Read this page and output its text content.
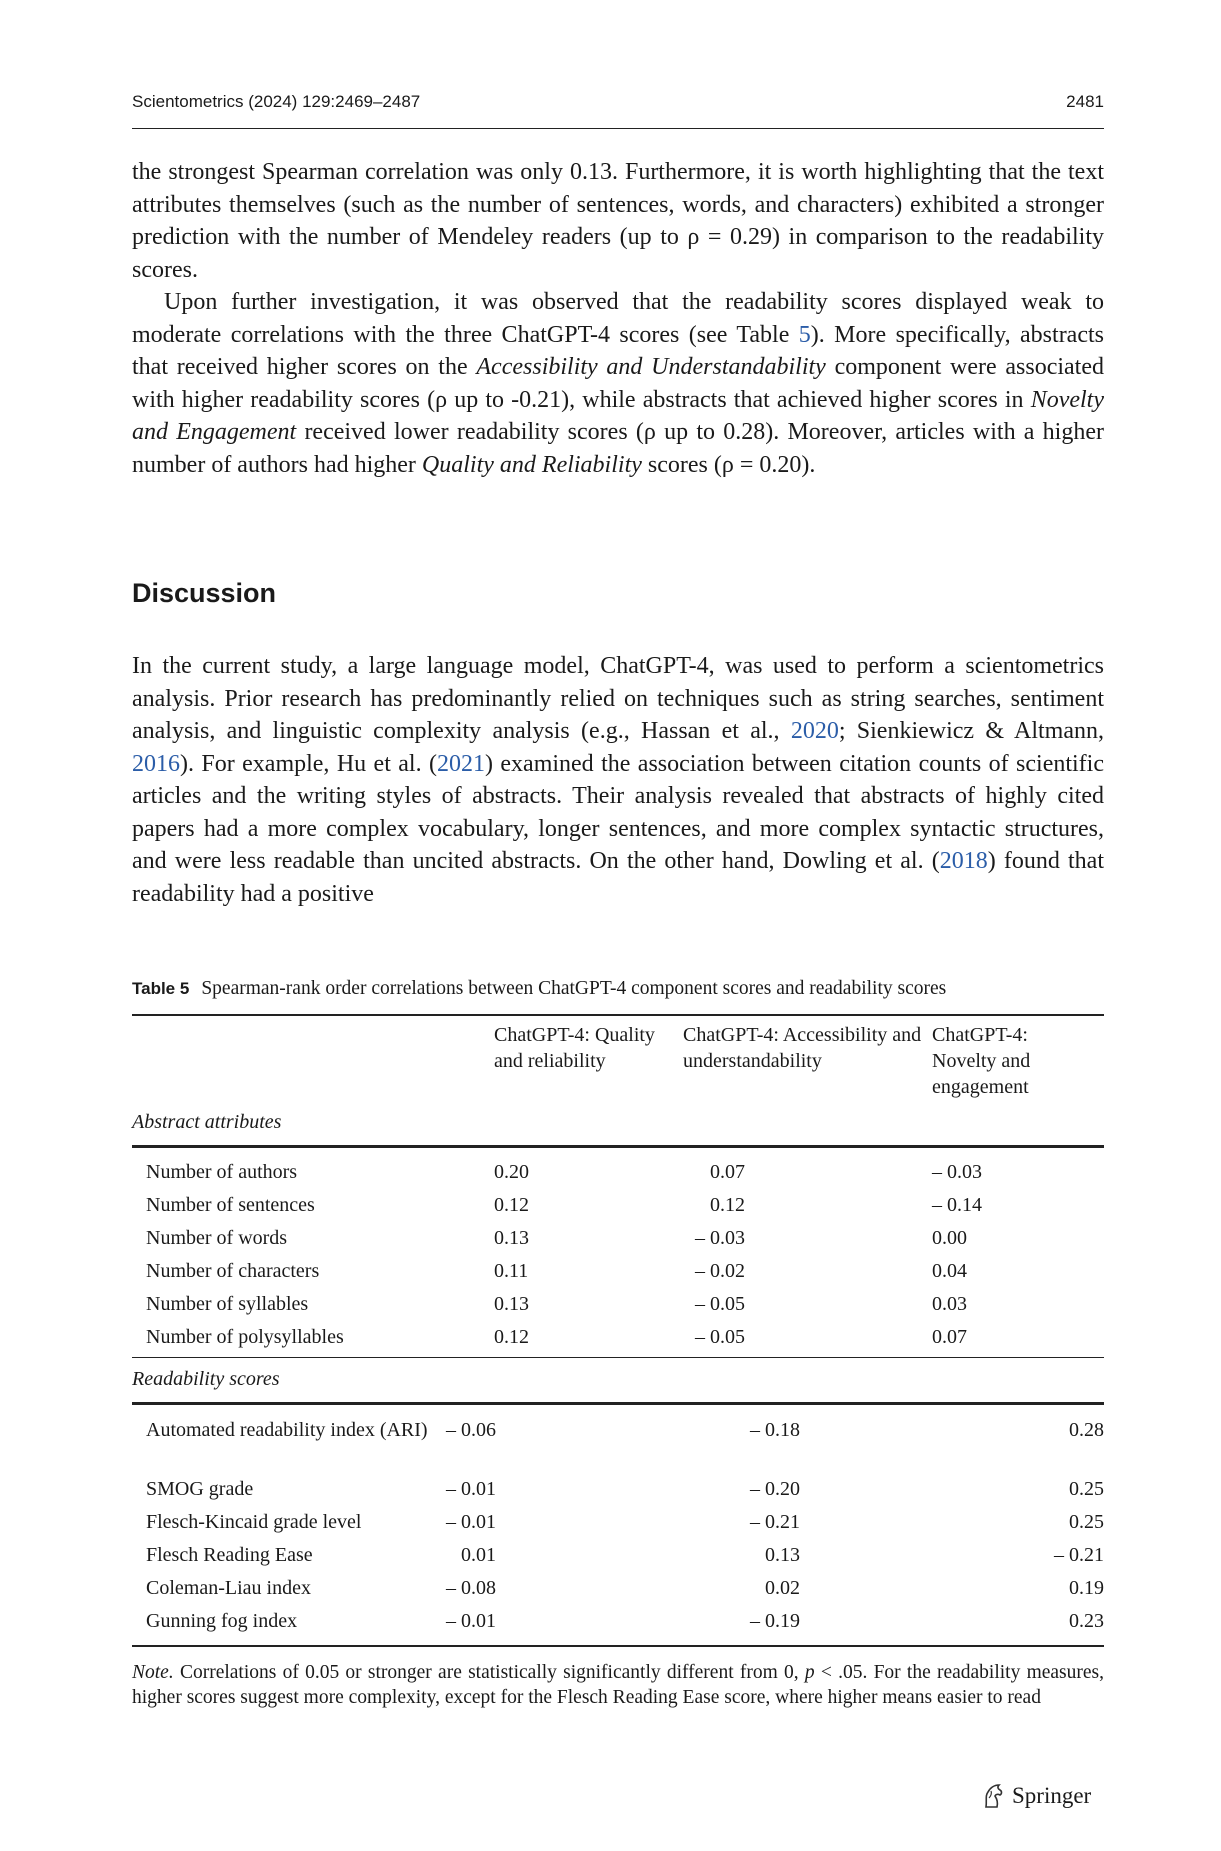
Scientometrics (2024) 129:2469–2487	2481

the strongest Spearman correlation was only 0.13. Furthermore, it is worth highlighting that the text attributes themselves (such as the number of sentences, words, and characters) exhibited a stronger prediction with the number of Mendeley readers (up to ρ = 0.29) in comparison to the readability scores.

Upon further investigation, it was observed that the readability scores displayed weak to moderate correlations with the three ChatGPT-4 scores (see Table 5). More specifically, abstracts that received higher scores on the Accessibility and Understandability component were associated with higher readability scores (ρ up to -0.21), while abstracts that achieved higher scores in Novelty and Engagement received lower readability scores (ρ up to 0.28). Moreover, articles with a higher number of authors had higher Quality and Reliability scores (ρ = 0.20).

Discussion

In the current study, a large language model, ChatGPT-4, was used to perform a scientometrics analysis. Prior research has predominantly relied on techniques such as string searches, sentiment analysis, and linguistic complexity analysis (e.g., Hassan et al., 2020; Sienkiewicz & Altmann, 2016). For example, Hu et al. (2021) examined the association between citation counts of scientific articles and the writing styles of abstracts. Their analysis revealed that abstracts of highly cited papers had a more complex vocabulary, longer sentences, and more complex syntactic structures, and were less readable than uncited abstracts. On the other hand, Dowling et al. (2018) found that readability had a positive

Table 5 Spearman-rank order correlations between ChatGPT-4 component scores and readability scores
ChatGPT-4: Quality and reliability
ChatGPT-4: Accessibility and understandability
ChatGPT-4: Novelty and engagement
Abstract attributes
Number of authors	0.20	0.07	– 0.03
Number of sentences	0.12	0.12	– 0.14
Number of words	0.13	– 0.03	0.00
Number of characters	0.11	– 0.02	0.04
Number of syllables	0.13	– 0.05	0.03
Number of polysyllables	0.12	– 0.05	0.07
Readability scores
Automated readability index (ARI) – 0.06	– 0.18	0.28
SMOG grade	– 0.01	– 0.20	0.25
Flesch-Kincaid grade level	– 0.01	– 0.21	0.25
Flesch Reading Ease	0.01	0.13	– 0.21
Coleman-Liau index	– 0.08	0.02	0.19
Gunning fog index	– 0.01	– 0.19	0.23

Note. Correlations of 0.05 or stronger are statistically significantly different from 0, p < .05. For the readability measures, higher scores suggest more complexity, except for the Flesch Reading Ease score, where higher means easier to read

Springer
